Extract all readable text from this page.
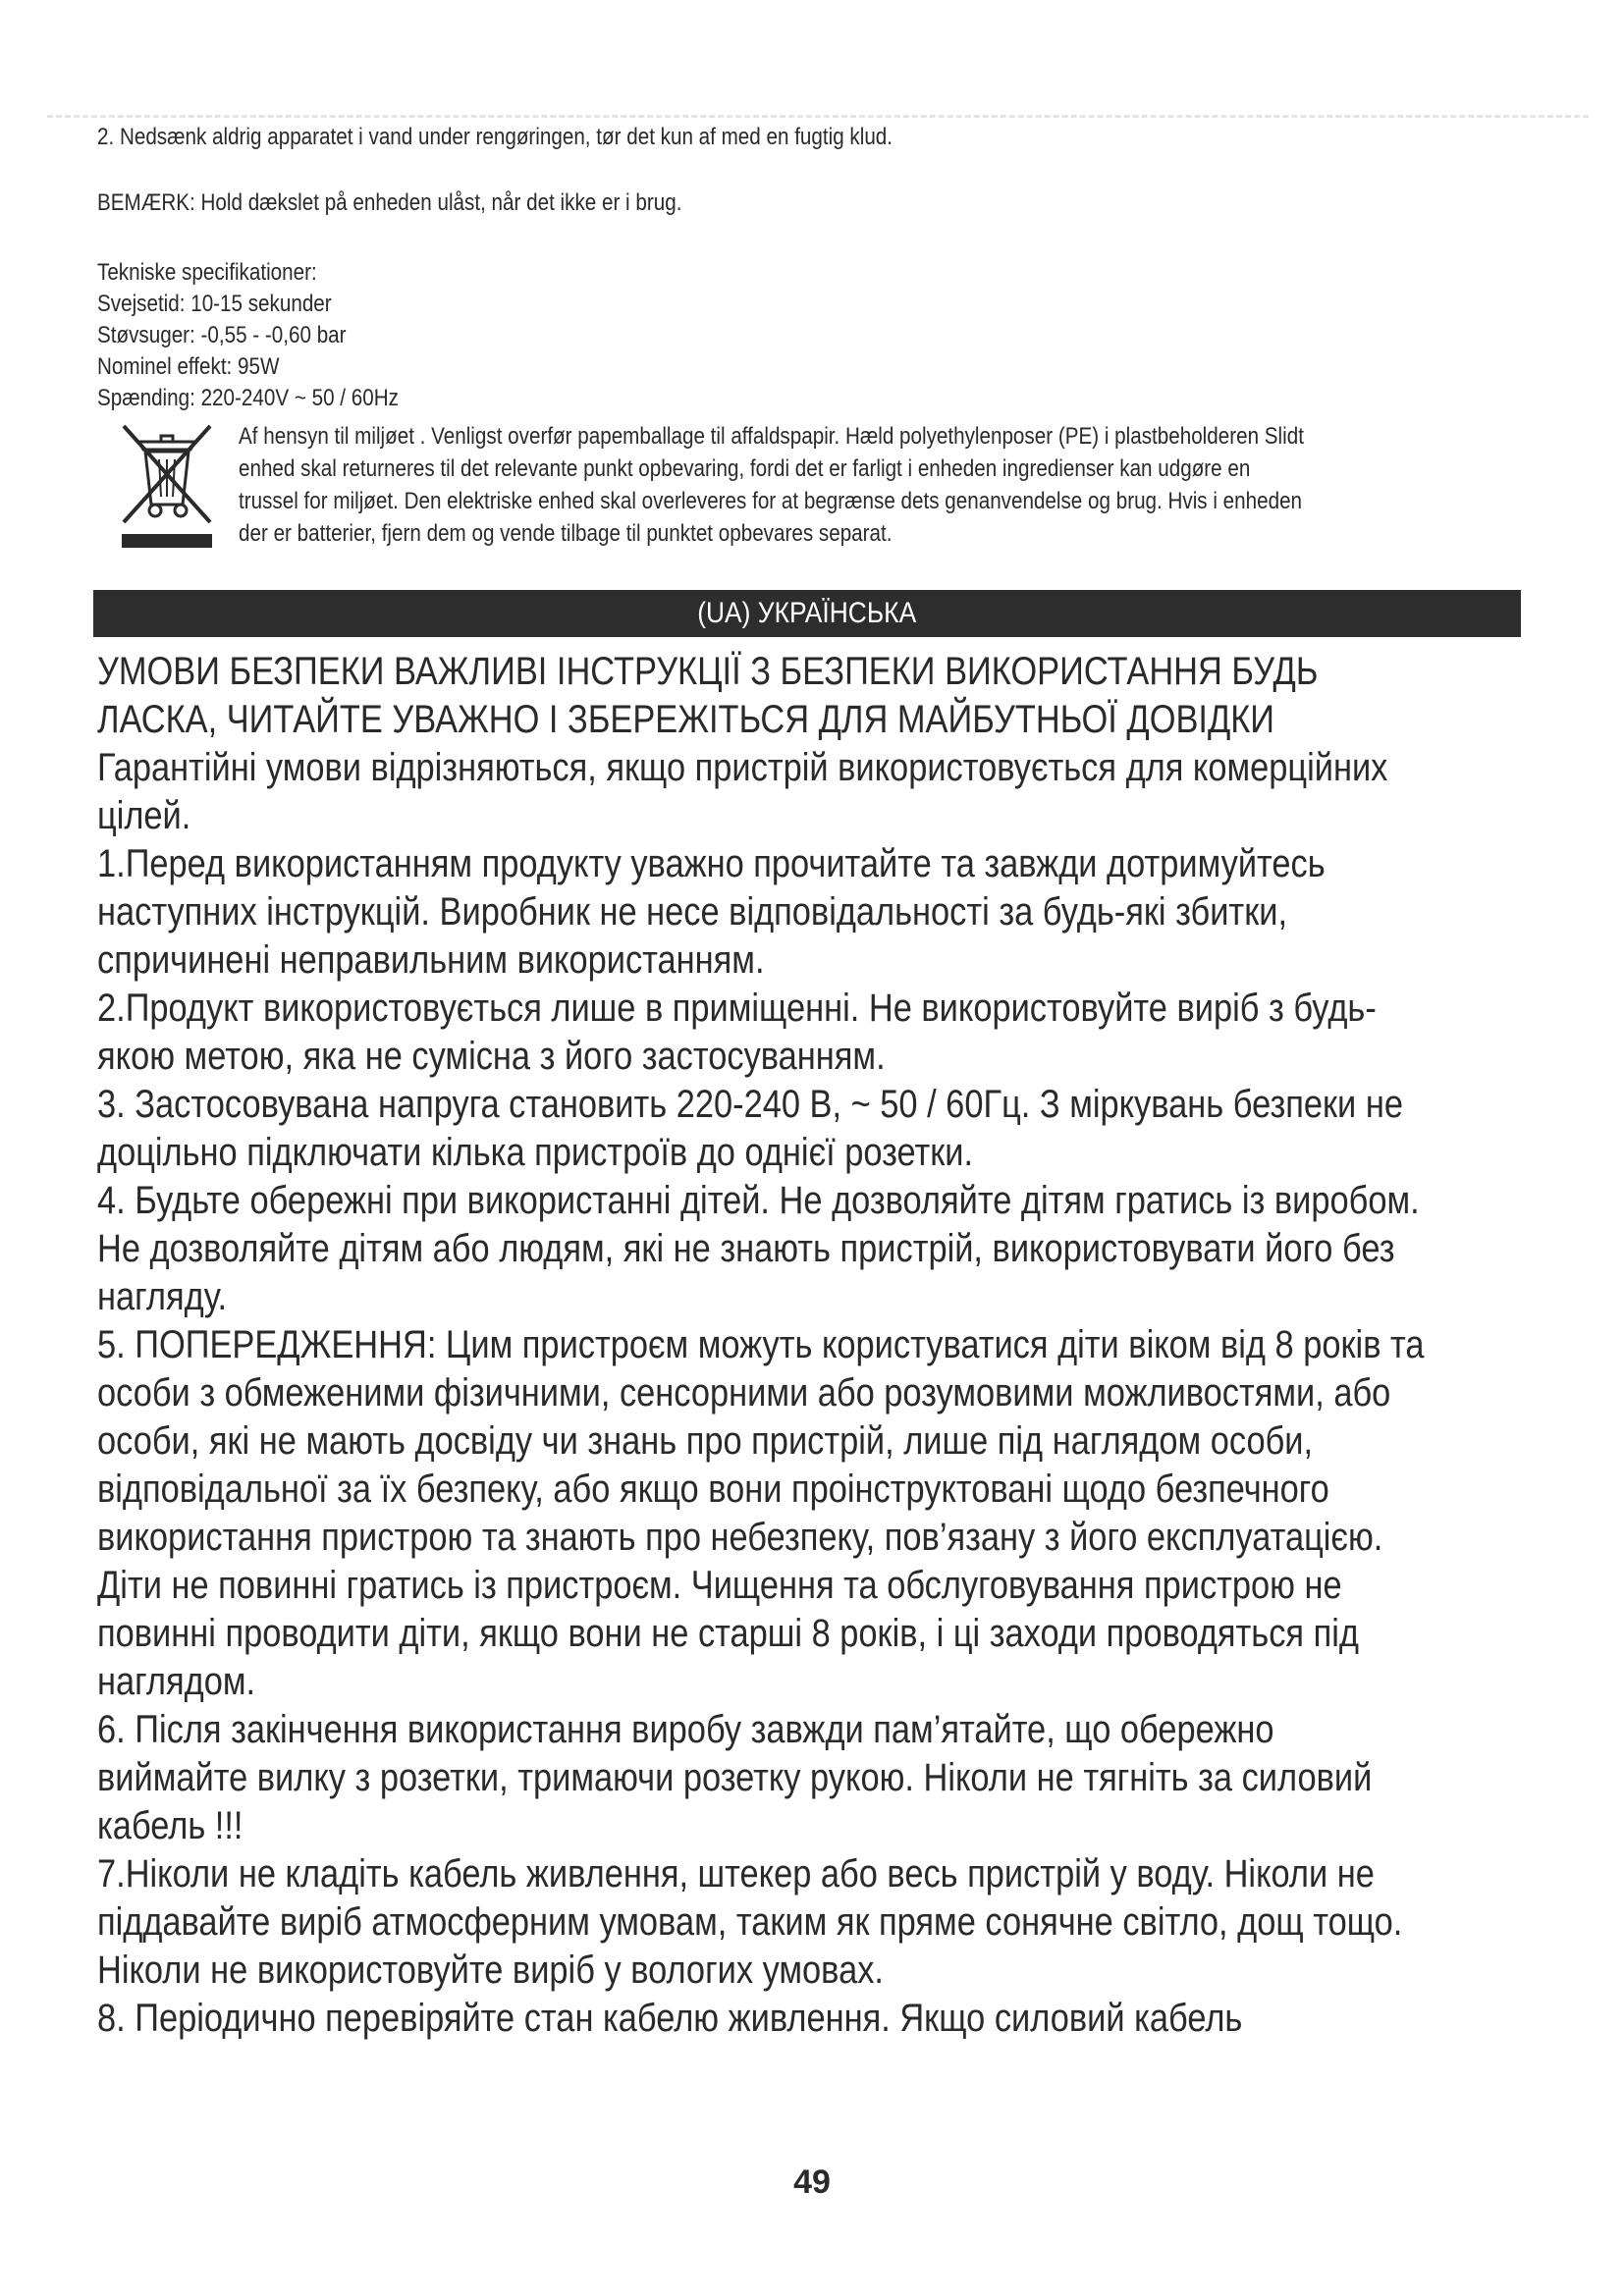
2. Nedsænk aldrig apparatet i vand under rengøringen, tør det kun af med en fugtig klud.
BEMÆRK: Hold dækslet på enheden ulåst, når det ikke er i brug.
Tekniske specifikationer:
Svejsetid: 10-15 sekunder
Støvsuger: -0,55 - -0,60 bar
Nominel effekt: 95W
Spænding: 220-240V ~ 50 / 60Hz
Af hensyn til miljøet . Venligst overfør papemballage til affaldspapir. Hæld polyethylenposer (PE) i plastbeholderen Slidt
enhed skal returneres til det relevante punkt opbevaring, fordi det er farligt i enheden ingredienser kan udgøre en
trussel for miljøet. Den elektriske enhed skal overleveres for at begrænse dets genanvendelse og brug. Hvis i enheden
der er batterier, fjern dem og vende tilbage til punktet opbevares separat.
(UA) УКРАЇНСЬКА
УМОВИ БЕЗПЕКИ ВАЖЛИВІ ІНСТРУКЦІЇ З БЕЗПЕКИ ВИКОРИСТАННЯ БУДЬ
ЛАСКА, ЧИТАЙТЕ УВАЖНО І ЗБЕРЕЖІТЬСЯ ДЛЯ МАЙБУТНЬОЇ ДОВІДКИ
Гарантійні умови відрізняються, якщо пристрій використовується для комерційних
цілей.
1.Перед використанням продукту уважно прочитайте та завжди дотримуйтесь
наступних інструкцій. Виробник не несе відповідальності за будь-які збитки,
спричинені неправильним використанням.
2.Продукт використовується лише в приміщенні. Не використовуйте виріб з будь-
якою метою, яка не сумісна з його застосуванням.
3. Застосовувана напруга становить 220-240 В, ~ 50 / 60Гц. З міркувань безпеки не
доцільно підключати кілька пристроїв до однієї розетки.
4. Будьте обережні при використанні дітей. Не дозволяйте дітям гратись із виробом.
Не дозволяйте дітям або людям, які не знають пристрій, використовувати його без
нагляду.
5. ПОПЕРЕДЖЕННЯ: Цим пристроєм можуть користуватися діти віком від 8 років та
особи з обмеженими фізичними, сенсорними або розумовими можливостями, або
особи, які не мають досвіду чи знань про пристрій, лише під наглядом особи,
відповідальної за їх безпеку, або якщо вони проінструктовані щодо безпечного
використання пристрою та знають про небезпеку, пов’язану з його експлуатацією.
Діти не повинні гратись із пристроєм. Чищення та обслуговування пристрою не
повинні проводити діти, якщо вони не старші 8 років, і ці заходи проводяться під
наглядом.
6. Після закінчення використання виробу завжди пам’ятайте, що обережно
виймайте вилку з розетки, тримаючи розетку рукою. Ніколи не тягніть за силовий
кабель !!!
7.Ніколи не кладіть кабель живлення, штекер або весь пристрій у воду. Ніколи не
піддавайте виріб атмосферним умовам, таким як пряме сонячне світло, дощ тощо.
Ніколи не використовуйте виріб у вологих умовах.
8. Періодично перевіряйте стан кабелю живлення. Якщо силовий кабель
49
